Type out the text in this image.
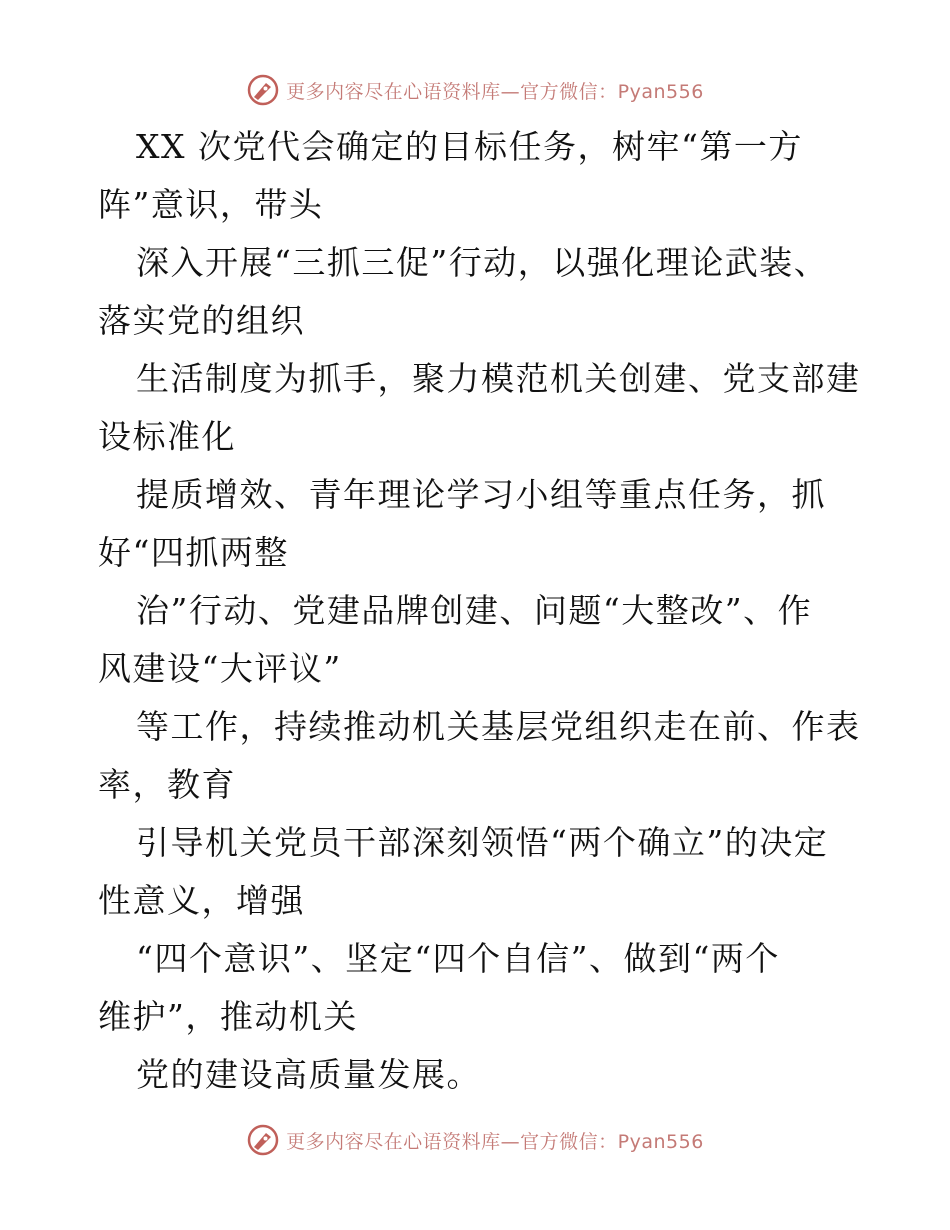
更多内容尽在心语资料库—官方微信：Pyan556
XX 次党代会确定的目标任务，树牢“第一方
阵”意识，带头
深入开展“三抓三促”行动，以强化理论武装、
落实党的组织
生活制度为抓手，聚力模范机关创建、党支部建
设标准化
提质增效、青年理论学习小组等重点任务，抓
好“四抓两整
治”行动、党建品牌创建、问题“大整改”、作
风建设“大评议”
等工作，持续推动机关基层党组织走在前、作表
率，教育
引导机关党员干部深刻领悟“两个确立”的决定
性意义，增强
“四个意识”、坚定“四个自信”、做到“两个
维护”，推动机关
党的建设高质量发展。
更多内容尽在心语资料库—官方微信：Pyan556
